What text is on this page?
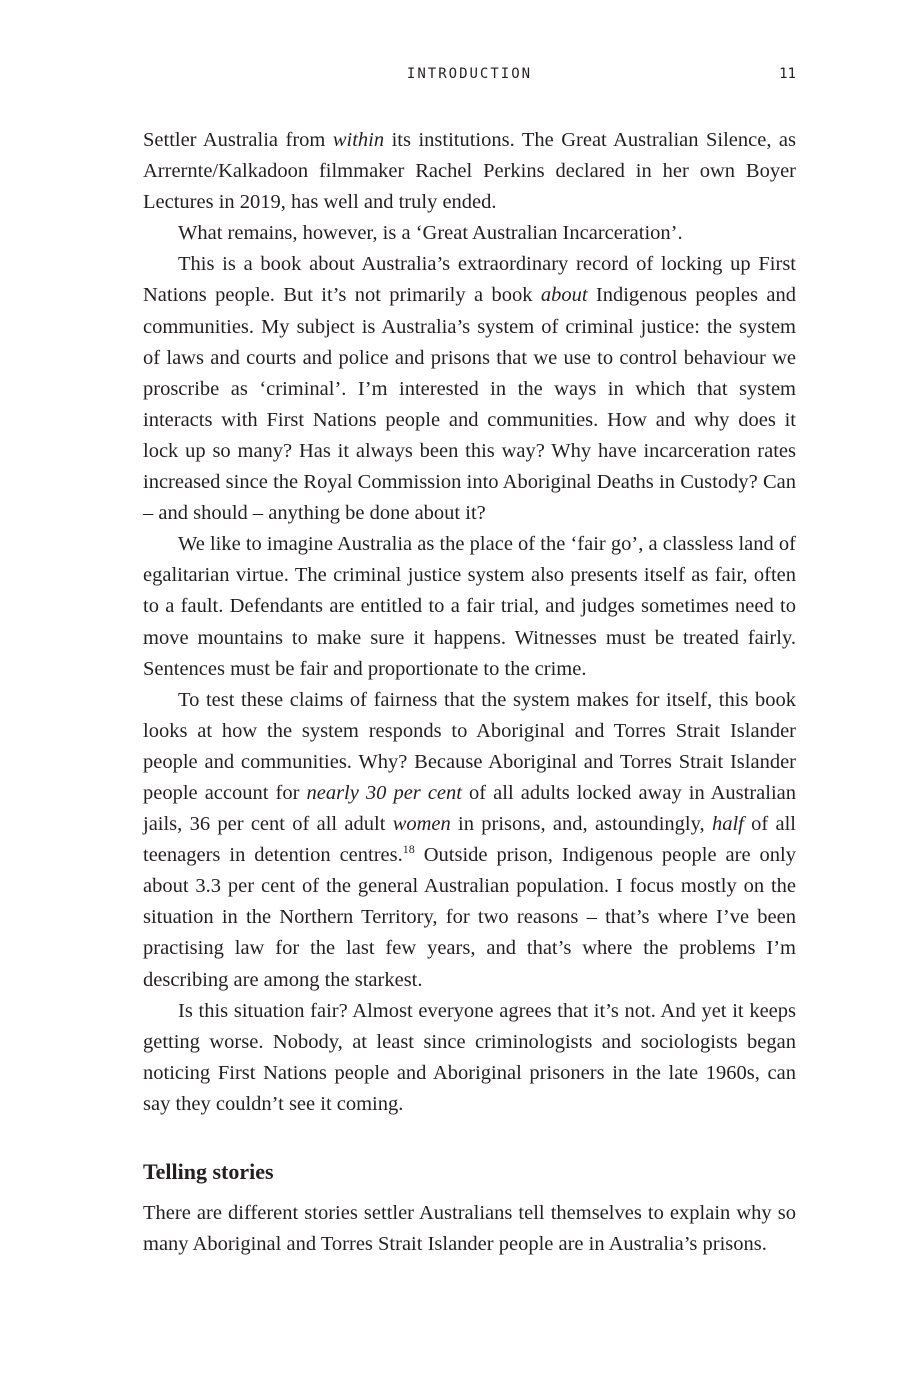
INTRODUCTION	11

Settler Australia from within its institutions. The Great Australian Silence, as Arrernte/Kalkadoon filmmaker Rachel Perkins declared in her own Boyer Lectures in 2019, has well and truly ended.

What remains, however, is a ‘Great Australian Incarceration’.

This is a book about Australia’s extraordinary record of locking up First Nations people. But it’s not primarily a book about Indigenous peoples and communities. My subject is Australia’s system of criminal justice: the system of laws and courts and police and prisons that we use to control behaviour we proscribe as ‘criminal’. I’m interested in the ways in which that system interacts with First Nations people and communities. How and why does it lock up so many? Has it always been this way? Why have incarceration rates increased since the Royal Commission into Aboriginal Deaths in Custody? Can – and should – anything be done about it?

We like to imagine Australia as the place of the ‘fair go’, a classless land of egalitarian virtue. The criminal justice system also presents itself as fair, often to a fault. Defendants are entitled to a fair trial, and judges sometimes need to move mountains to make sure it happens. Witnesses must be treated fairly. Sentences must be fair and proportionate to the crime.

To test these claims of fairness that the system makes for itself, this book looks at how the system responds to Aboriginal and Torres Strait Islander people and communities. Why? Because Aboriginal and Torres Strait Islander people account for nearly 30 per cent of all adults locked away in Australian jails, 36 per cent of all adult women in prisons, and, astoundingly, half of all teenagers in detention centres.$^{18}$ Outside prison, Indigenous people are only about 3.3 per cent of the general Australian population. I focus mostly on the situation in the Northern Territory, for two reasons – that’s where I’ve been practising law for the last few years, and that’s where the problems I’m describing are among the starkest.

Is this situation fair? Almost everyone agrees that it’s not. And yet it keeps getting worse. Nobody, at least since criminologists and sociologists began noticing First Nations people and Aboriginal prisoners in the late 1960s, can say they couldn’t see it coming.

Telling stories

There are different stories settler Australians tell themselves to explain why so many Aboriginal and Torres Strait Islander people are in Australia’s prisons.
